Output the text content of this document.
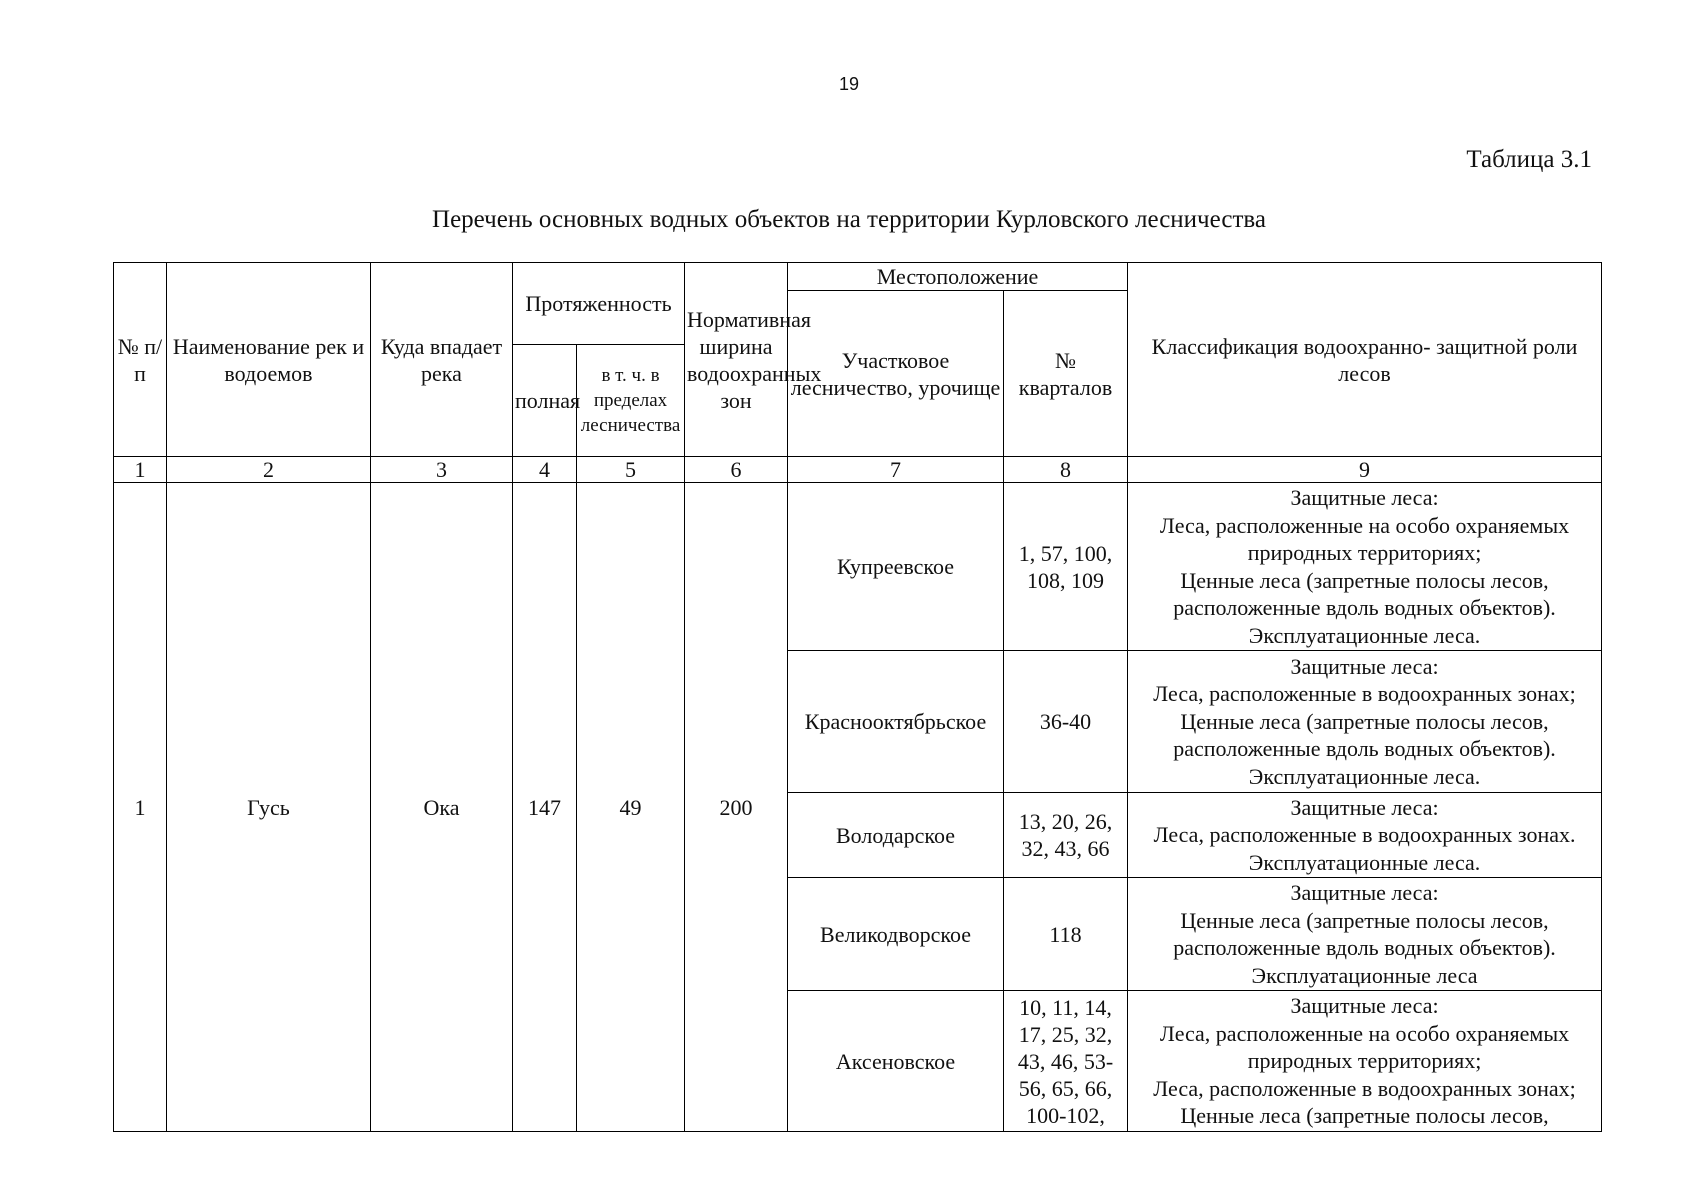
19
Таблица 3.1
Перечень основных водных объектов на территории Курловского лесничества
№ п/п	Наименование рек и водоемов	Куда впадает река	Протяженность		Нормативная ширина водоохранных зон	Местоположение		Классификация водоохранно- защитной роли лесов
						Участковое лесничество, урочище	№ кварталов	
			полная	в т. ч. в пределах лесничества				
1	2	3	4	5	6	7	8	9
1	Гусь	Ока	147	49	200	Купреевское	1, 57, 100, 108, 109	Защитные леса:
Леса, расположенные на особо охраняемых природных территориях;
Ценные леса (запретные полосы лесов, расположенные вдоль водных объектов).
Эксплуатационные леса.

						Краснооктябрьское	36-40	Защитные леса:
Леса, расположенные в водоохранных зонах;
Ценные леса (запретные полосы лесов, расположенные вдоль водных объектов).
Эксплуатационные леса.

						Володарское	13, 20, 26, 32, 43, 66	Защитные леса:
Леса, расположенные в водоохранных зонах.
Эксплуатационные леса.

						Великодворское	118	Защитные леса:
Ценные леса (запретные полосы лесов, расположенные вдоль водных объектов).
Эксплуатационные леса

						Аксеновское	10, 11, 14, 17, 25, 32, 43, 46, 53-56, 65, 66, 100-102,	Защитные леса:
Леса, расположенные на особо охраняемых природных территориях;
Леса, расположенные в водоохранных зонах;
Ценные леса (запретные полосы лесов,
